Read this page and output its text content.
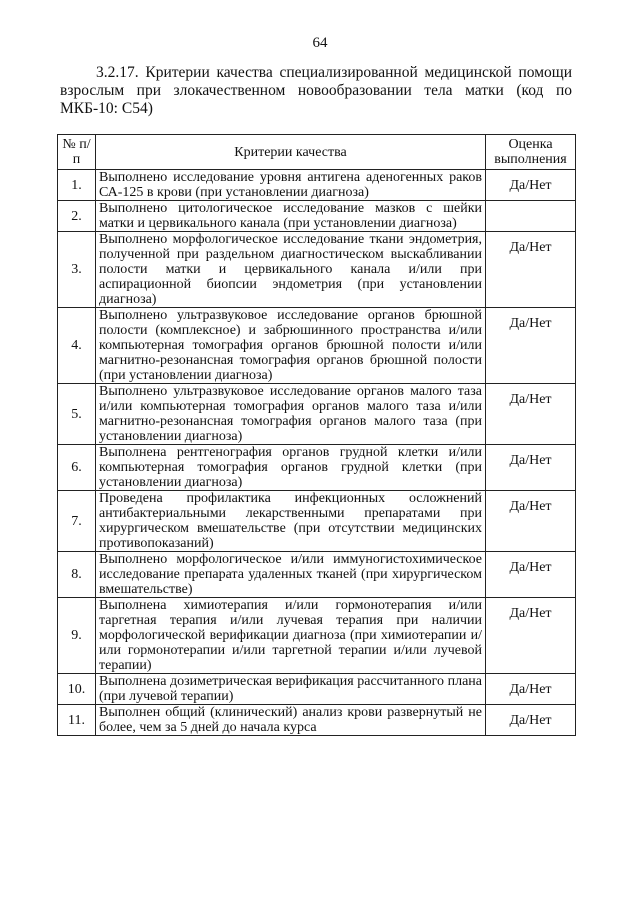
64
3.2.17. Критерии качества специализированной медицинской помощи взрослым при злокачественном новообразовании тела матки (код по МКБ-10: С54)
№ п/п	Критерии качества	Оценка выполнения
1.	Выполнено исследование уровня антигена аденогенных раков СА-125 в крови (при установлении диагноза)	Да/Нет
2.	Выполнено цитологическое исследование мазков с шейки матки и цервикального канала (при установлении диагноза)	
3.	Выполнено морфологическое исследование ткани эндометрия, полученной при раздельном диагностическом выскабливании полости матки и цервикального канала и/или при аспирационной биопсии эндометрия (при установлении диагноза)	Да/Нет
4.	Выполнено ультразвуковое исследование органов брюшной полости (комплексное) и забрюшинного пространства и/или компьютерная томография органов брюшной полости и/или магнитно-резонансная томография органов брюшной полости (при установлении диагноза)	Да/Нет
5.	Выполнено ультразвуковое исследование органов малого таза и/или компьютерная томография органов малого таза и/или магнитно-резонансная томография органов малого таза (при установлении диагноза)	Да/Нет
6.	Выполнена рентгенография органов грудной клетки и/или компьютерная томография органов грудной клетки (при установлении диагноза)	Да/Нет
7.	Проведена профилактика инфекционных осложнений антибактериальными лекарственными препаратами при хирургическом вмешательстве (при отсутствии медицинских противопоказаний)	Да/Нет
8.	Выполнено морфологическое и/или иммуногистохимическое исследование препарата удаленных тканей (при хирургическом вмешательстве)	Да/Нет
9.	Выполнена химиотерапия и/или гормонотерапия и/или таргетная терапия и/или лучевая терапия при наличии морфологической верификации диагноза (при химиотерапии и/или гормонотерапии и/или таргетной терапии и/или лучевой терапии)	Да/Нет
10.	Выполнена дозиметрическая верификация рассчитанного плана (при лучевой терапии)	Да/Нет
11.	Выполнен общий (клинический) анализ крови развернутый не более, чем за 5 дней до начала курса	Да/Нет
